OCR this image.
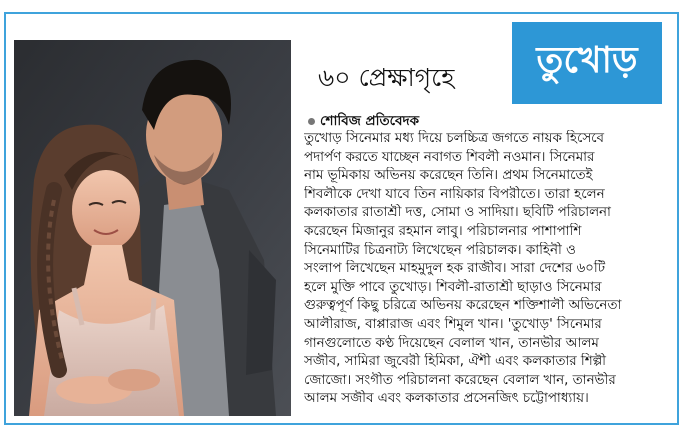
৬০ প্রেক্ষাগৃহে	তুখোড়
শোবিজ প্রতিবেদক
তুখোড় সিনেমার মধ্য দিয়ে চলচ্চিত্র জগতে নায়ক হিসেবে
পদার্পণ করতে যাচ্ছেন নবাগত শিবলী নওমান। সিনেমার
নাম ভূমিকায় অভিনয় করেছেন তিনি। প্রথম সিনেমাতেই
শিবলীকে দেখা যাবে তিন নায়িকার বিপরীতে। তারা হলেন
কলকাতার রাতাশ্রী দত্ত, সোমা ও সাদিয়া। ছবিটি পরিচালনা
করেছেন মিজানুর রহমান লাবু। পরিচালনার পাশাপাশি
সিনেমাটির চিত্রনাট্য লিখেছেন পরিচালক। কাহিনী ও
সংলাপ লিখেছেন মাহমুদুল হক রাজীব। সারা দেশের ৬০টি
হলে মুক্তি পাবে তুখোড়। শিবলী-রাতাশ্রী ছাড়াও সিনেমার
গুরুত্বপূর্ণ কিছু চরিত্রে অভিনয় করেছেন শক্তিশালী অভিনেতা
আলীরাজ, বাপ্পারাজ এবং শিমুল খান। 'তুখোড়' সিনেমার
গানগুলোতে কণ্ঠ দিয়েছেন বেলাল খান, তানভীর আলম
সজীব, সামিরা জুবেরী হিমিকা, ঐশী এবং কলকাতার শিল্পী
জোজো। সংগীত পরিচালনা করেছেন বেলাল খান, তানভীর
আলম সজীব এবং কলকাতার প্রসেনজিৎ চট্টোপাধ্যায়।
